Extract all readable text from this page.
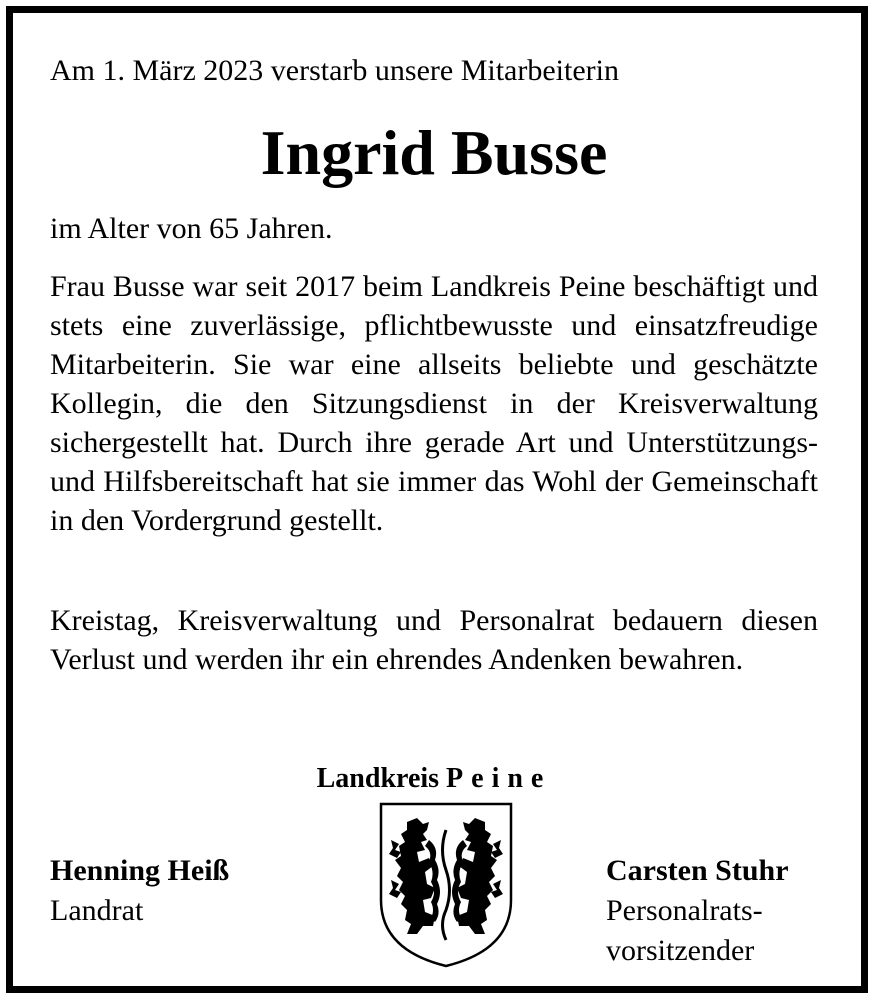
Am 1. März 2023 verstarb unsere Mitarbeiterin
Ingrid Busse
im Alter von 65 Jahren.
Frau Busse war seit 2017 beim Landkreis Peine beschäftigt und stets eine zuverlässige, pflichtbewusste und einsatzfreudige Mitarbeiterin. Sie war eine allseits beliebte und geschätzte Kollegin, die den Sitzungsdienst in der Kreisverwaltung sichergestellt hat. Durch ihre gerade Art und Unterstützungs- und Hilfsbereitschaft hat sie immer das Wohl der Gemeinschaft in den Vordergrund gestellt.
Kreistag, Kreisverwaltung und Personalrat bedauern diesen Verlust und werden ihr ein ehrendes Andenken bewahren.
Landkreis Peine
Henning Heiß
Landrat
Carsten Stuhr
Personalrats-
vorsitzender
